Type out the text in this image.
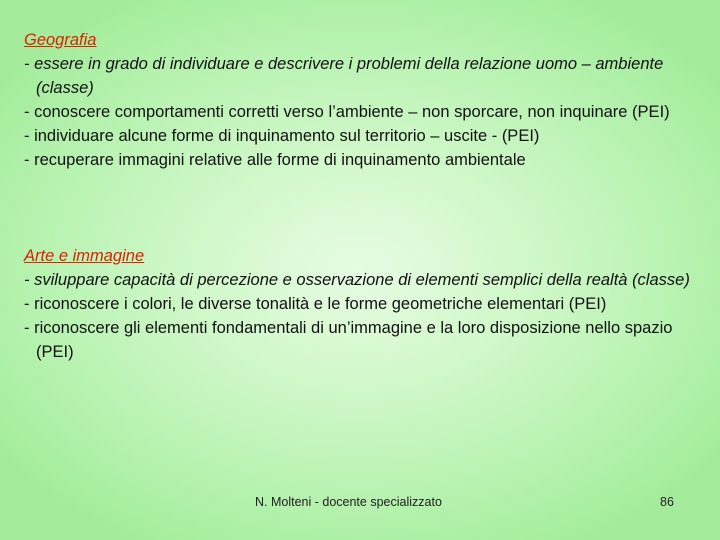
Geografia
- essere in grado di individuare e descrivere i problemi della relazione uomo – ambiente (classe)
- conoscere comportamenti corretti verso l’ambiente – non sporcare, non inquinare (PEI)
- individuare alcune forme di inquinamento sul territorio – uscite - (PEI)
- recuperare immagini relative alle forme di inquinamento ambientale
Arte e immagine
- sviluppare capacità di percezione e osservazione di elementi semplici della realtà (classe)
- riconoscere i colori, le diverse tonalità e le forme geometriche elementari (PEI)
- riconoscere gli elementi fondamentali di un’immagine e la loro disposizione nello spazio (PEI)
N. Molteni - docente specializzato	86
